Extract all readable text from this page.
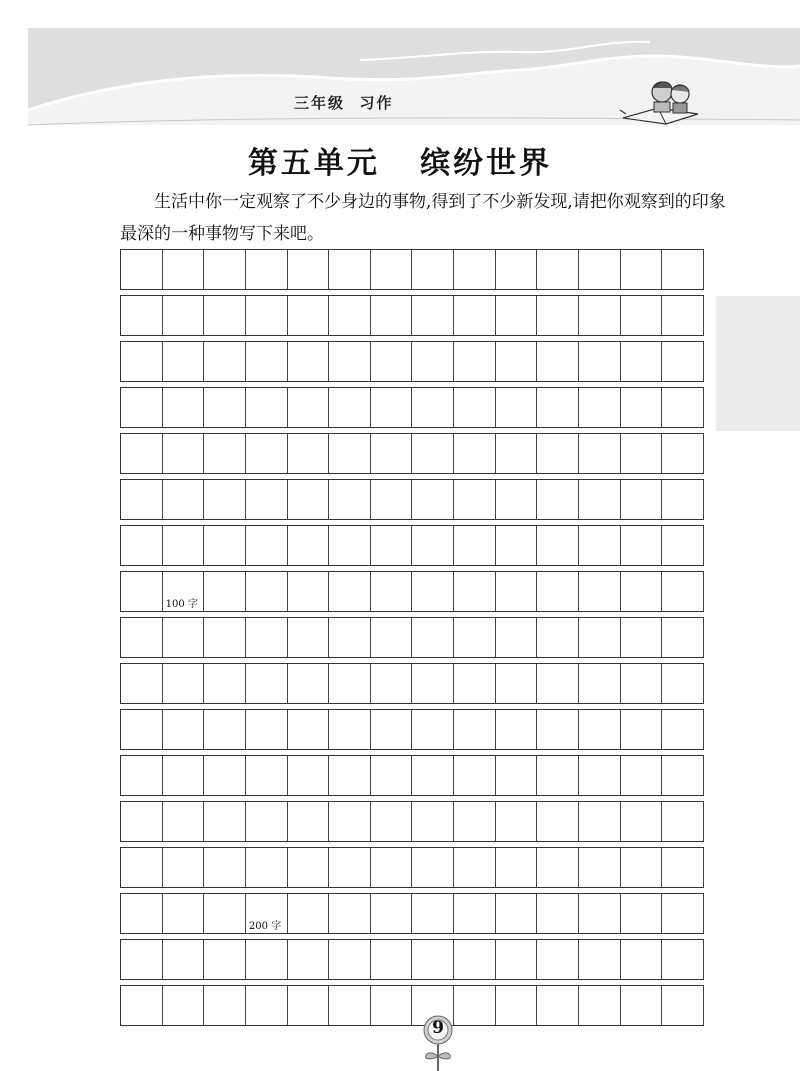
三年级  习作
第五单元   缤纷世界
生活中你一定观察了不少身边的事物,得到了不少新发现,请把你观察到的印象最深的一种事物写下来吧。
100 字
200 字
9
